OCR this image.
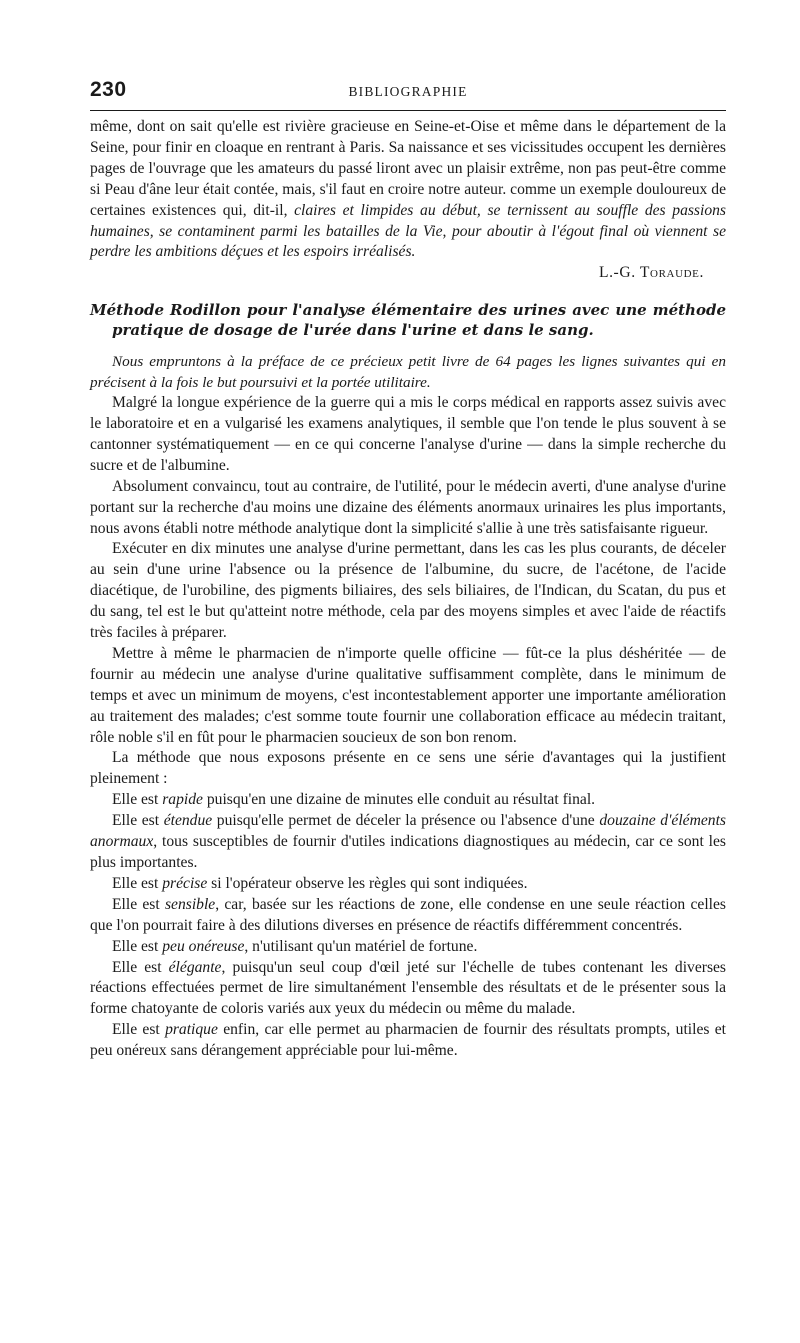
230	BIBLIOGRAPHIE

même, dont on sait qu'elle est rivière gracieuse en Seine-et-Oise et même dans le département de la Seine, pour finir en cloaque en rentrant à Paris. Sa naissance et ses vicissitudes occupent les dernières pages de l'ouvrage que les amateurs du passé liront avec un plaisir extrême, non pas peut-être comme si Peau d'âne leur était contée, mais, s'il faut en croire notre auteur. comme un exemple douloureux de certaines existences qui, dit-il, claires et limpides au début, se ternissent au souffle des passions humaines, se contaminent parmi les batailles de la Vie, pour aboutir à l'égout final où viennent se perdre les ambitions déçues et les espoirs irréalisés.

L.-G. Toraude.

Méthode Rodillon pour l'analyse élémentaire des urines avec une méthode pratique de dosage de l'urée dans l'urine et dans le sang.

Nous empruntons à la préface de ce précieux petit livre de 64 pages les lignes suivantes qui en précisent à la fois le but poursuivi et la portée utilitaire.

Malgré la longue expérience de la guerre qui a mis le corps médical en rapports assez suivis avec le laboratoire et en a vulgarisé les examens analytiques, il semble que l'on tende le plus souvent à se cantonner systématiquement — en ce qui concerne l'analyse d'urine — dans la simple recherche du sucre et de l'albumine.

Absolument convaincu, tout au contraire, de l'utilité, pour le médecin averti, d'une analyse d'urine portant sur la recherche d'au moins une dizaine des éléments anormaux urinaires les plus importants, nous avons établi notre méthode analytique dont la simplicité s'allie à une très satisfaisante rigueur.

Exécuter en dix minutes une analyse d'urine permettant, dans les cas les plus courants, de déceler au sein d'une urine l'absence ou la présence de l'albumine, du sucre, de l'acétone, de l'acide diacétique, de l'urobiline, des pigments biliaires, des sels biliaires, de l'Indican, du Scatan, du pus et du sang, tel est le but qu'atteint notre méthode, cela par des moyens simples et avec l'aide de réactifs très faciles à préparer.

Mettre à même le pharmacien de n'importe quelle officine — fût-ce la plus déshéritée — de fournir au médecin une analyse d'urine qualitative suffisamment complète, dans le minimum de temps et avec un minimum de moyens, c'est incontestablement apporter une importante amélioration au traitement des malades; c'est somme toute fournir une collaboration efficace au médecin traitant, rôle noble s'il en fût pour le pharmacien soucieux de son bon renom.

La méthode que nous exposons présente en ce sens une série d'avantages qui la justifient pleinement :

Elle est rapide puisqu'en une dizaine de minutes elle conduit au résultat final.

Elle est étendue puisqu'elle permet de déceler la présence ou l'absence d'une douzaine d'éléments anormaux, tous susceptibles de fournir d'utiles indications diagnostiques au médecin, car ce sont les plus importantes.

Elle est précise si l'opérateur observe les règles qui sont indiquées.

Elle est sensible, car, basée sur les réactions de zone, elle condense en une seule réaction celles que l'on pourrait faire à des dilutions diverses en présence de réactifs différemment concentrés.

Elle est peu onéreuse, n'utilisant qu'un matériel de fortune.

Elle est élégante, puisqu'un seul coup d'œil jeté sur l'échelle de tubes contenant les diverses réactions effectuées permet de lire simultanément l'ensemble des résultats et de le présenter sous la forme chatoyante de coloris variés aux yeux du médecin ou même du malade.

Elle est pratique enfin, car elle permet au pharmacien de fournir des résultats prompts, utiles et peu onéreux sans dérangement appréciable pour lui-même.
